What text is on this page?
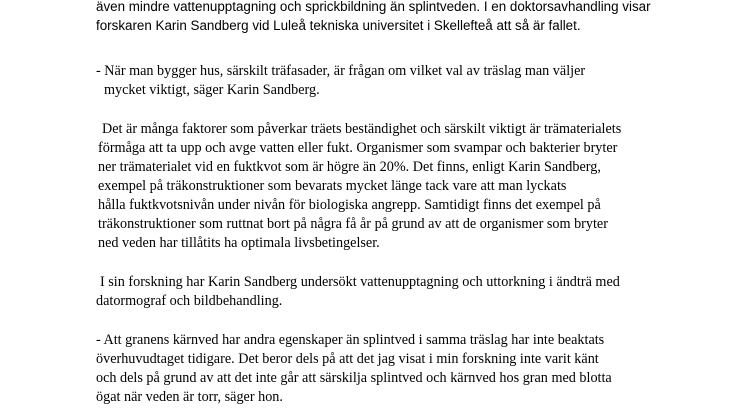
även mindre vattenupptagning och sprickbildning än splintveden. I en doktorsavhandling visar

forskaren Karin Sandberg vid Luleå tekniska universitet i Skellefteå att så är fallet.

- När man bygger hus, särskilt träfasader, är frågan om vilket val av träslag man väljer

mycket viktigt, säger Karin Sandberg.

Det är många faktorer som påverkar träets beständighet och särskilt viktigt är trämaterialets

förmåga att ta upp och avge vatten eller fukt. Organismer som svampar och bakterier bryter

ner trämaterialet vid en fuktkvot som är högre än 20%. Det finns, enligt Karin Sandberg,

exempel på träkonstruktioner som bevarats mycket länge tack vare att man lyckats

hålla fuktkvotsnivån under nivån för biologiska angrepp. Samtidigt finns det exempel på

träkonstruktioner som ruttnat bort på några få år på grund av att de organismer som bryter

ned veden har tillåtits ha optimala livsbetingelser.

I sin forskning har Karin Sandberg undersökt vattenupptagning och uttorkning i ändträ med

datormograf och bildbehandling.

- Att granens kärnved har andra egenskaper än splintved i samma träslag har inte beaktats

överhuvudtaget tidigare. Det beror dels på att det jag visat i min forskning inte varit känt

och dels på grund av att det inte går att särskilja splintved och kärnved hos gran med blotta

ögat när veden är torr, säger hon.
